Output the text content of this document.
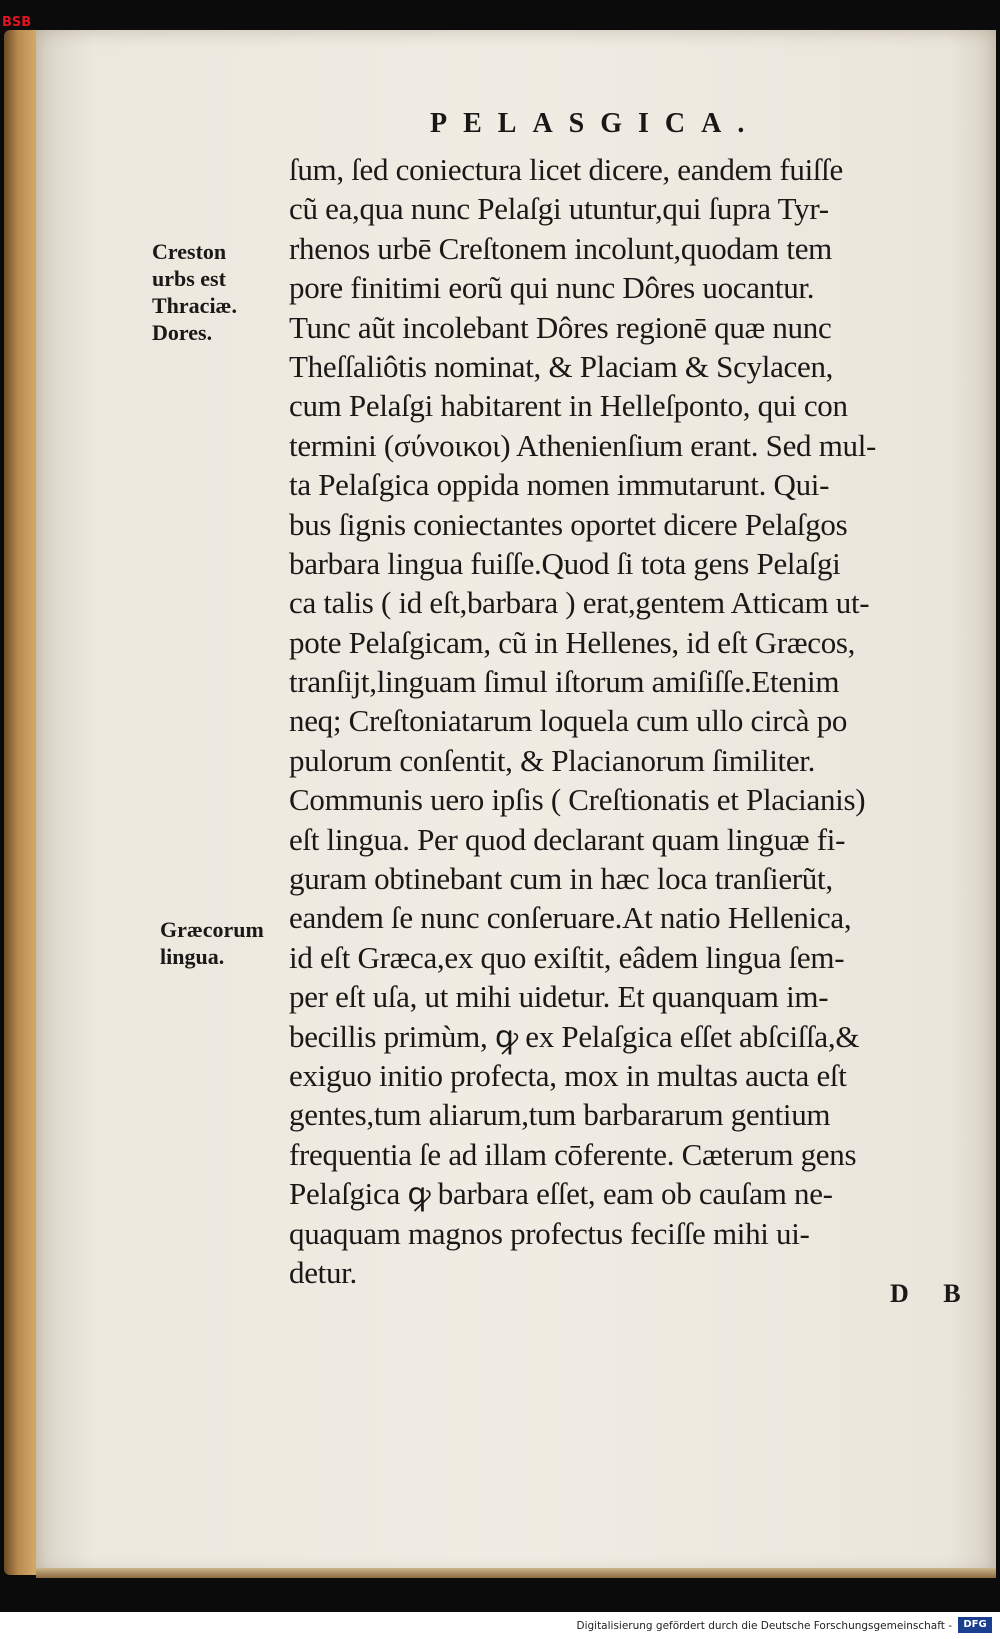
BSB
PELASGICA.
Creston
urbs est
Thraciæ.
Dores.
Græcorum
lingua.
ſum, ſed coniectura licet dicere, eandem fuiſſe
cũ ea,qua nunc Pelaſgi utuntur,qui ſupra Tyr-
rhenos urbē Creſtonem incolunt,quodam tem
pore finitimi eorũ qui nunc Dôres uocantur.
Tunc aũt incolebant Dôres regionē quæ nunc
Theſſaliôtis nominat, & Placiam & Scylacen,
cum Pelaſgi habitarent in Helleſponto, qui con
termini (σύνοικοι) Athenienſium erant. Sed mul-
ta Pelaſgica oppida nomen immutarunt. Qui-
bus ſignis coniectantes oportet dicere Pelaſgos
barbara lingua fuiſſe.Quod ſi tota gens Pelaſgi
ca talis ( id eſt,barbara ) erat,gentem Atticam ut-
pote Pelaſgicam, cũ in Hellenes, id eſt Græcos,
tranſijt,linguam ſimul iſtorum amiſiſſe.Etenim
neq; Creſtoniatarum loquela cum ullo circà po
pulorum conſentit, & Placianorum ſimiliter.
Communis uero ipſis ( Creſtionatis et Placianis)
eſt lingua. Per quod declarant quam linguæ fi-
guram obtinebant cum in hæc loca tranſierũt,
eandem ſe nunc conſeruare.At natio Hellenica,
id eſt Græca,ex quo exiſtit, eâdem lingua ſem-
per eſt uſa, ut mihi uidetur. Et quanquam im-
becillis primùm, ꝙ ex Pelaſgica eſſet abſciſſa,&
exiguo initio profecta, mox in multas aucta eſt
gentes,tum aliarum,tum barbararum gentium
frequentia ſe ad illam cōferente. Cæterum gens
Pelaſgica ꝙ barbara eſſet, eam ob cauſam ne-
quaquam magnos profectus feciſſe mihi ui-
detur.
D B
Digitalisierung gefördert durch die Deutsche Forschungsgemeinschaft -	DFG
